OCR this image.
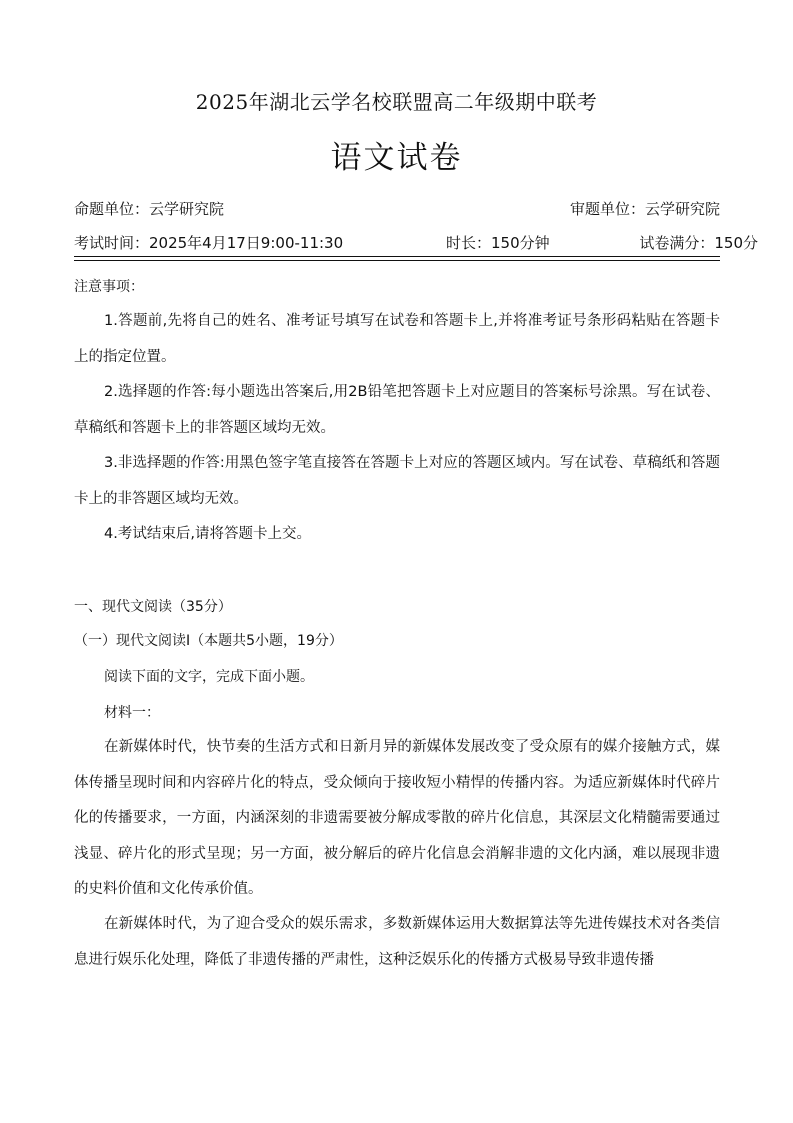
2025年湖北云学名校联盟高二年级期中联考
语文试卷
命题单位：云学研究院	审题单位：云学研究院
考试时间：2025年4月17日9:00-11:30	时长：150分钟	试卷满分：150分
注意事项：

1.答题前,先将自己的姓名、准考证号填写在试卷和答题卡上,并将准考证号条形码粘贴在答题卡上的指定位置。

2.选择题的作答:每小题选出答案后,用2B铅笔把答题卡上对应题目的答案标号涂黑。写在试卷、草稿纸和答题卡上的非答题区域均无效。

3.非选择题的作答:用黑色签字笔直接答在答题卡上对应的答题区域内。写在试卷、草稿纸和答题卡上的非答题区域均无效。

4.考试结束后,请将答题卡上交。

一、现代文阅读（35分）
（一）现代文阅读Ⅰ（本题共5小题，19分）
阅读下面的文字，完成下面小题。
材料一：

在新媒体时代，快节奏的生活方式和日新月异的新媒体发展改变了受众原有的媒介接触方式，媒体传播呈现时间和内容碎片化的特点，受众倾向于接收短小精悍的传播内容。为适应新媒体时代碎片化的传播要求，一方面，内涵深刻的非遗需要被分解成零散的碎片化信息，其深层文化精髓需要通过浅显、碎片化的形式呈现；另一方面，被分解后的碎片化信息会消解非遗的文化内涵，难以展现非遗的史料价值和文化传承价值。

在新媒体时代，为了迎合受众的娱乐需求，多数新媒体运用大数据算法等先进传媒技术对各类信息进行娱乐化处理，降低了非遗传播的严肃性，这种泛娱乐化的传播方式极易导致非遗传播
